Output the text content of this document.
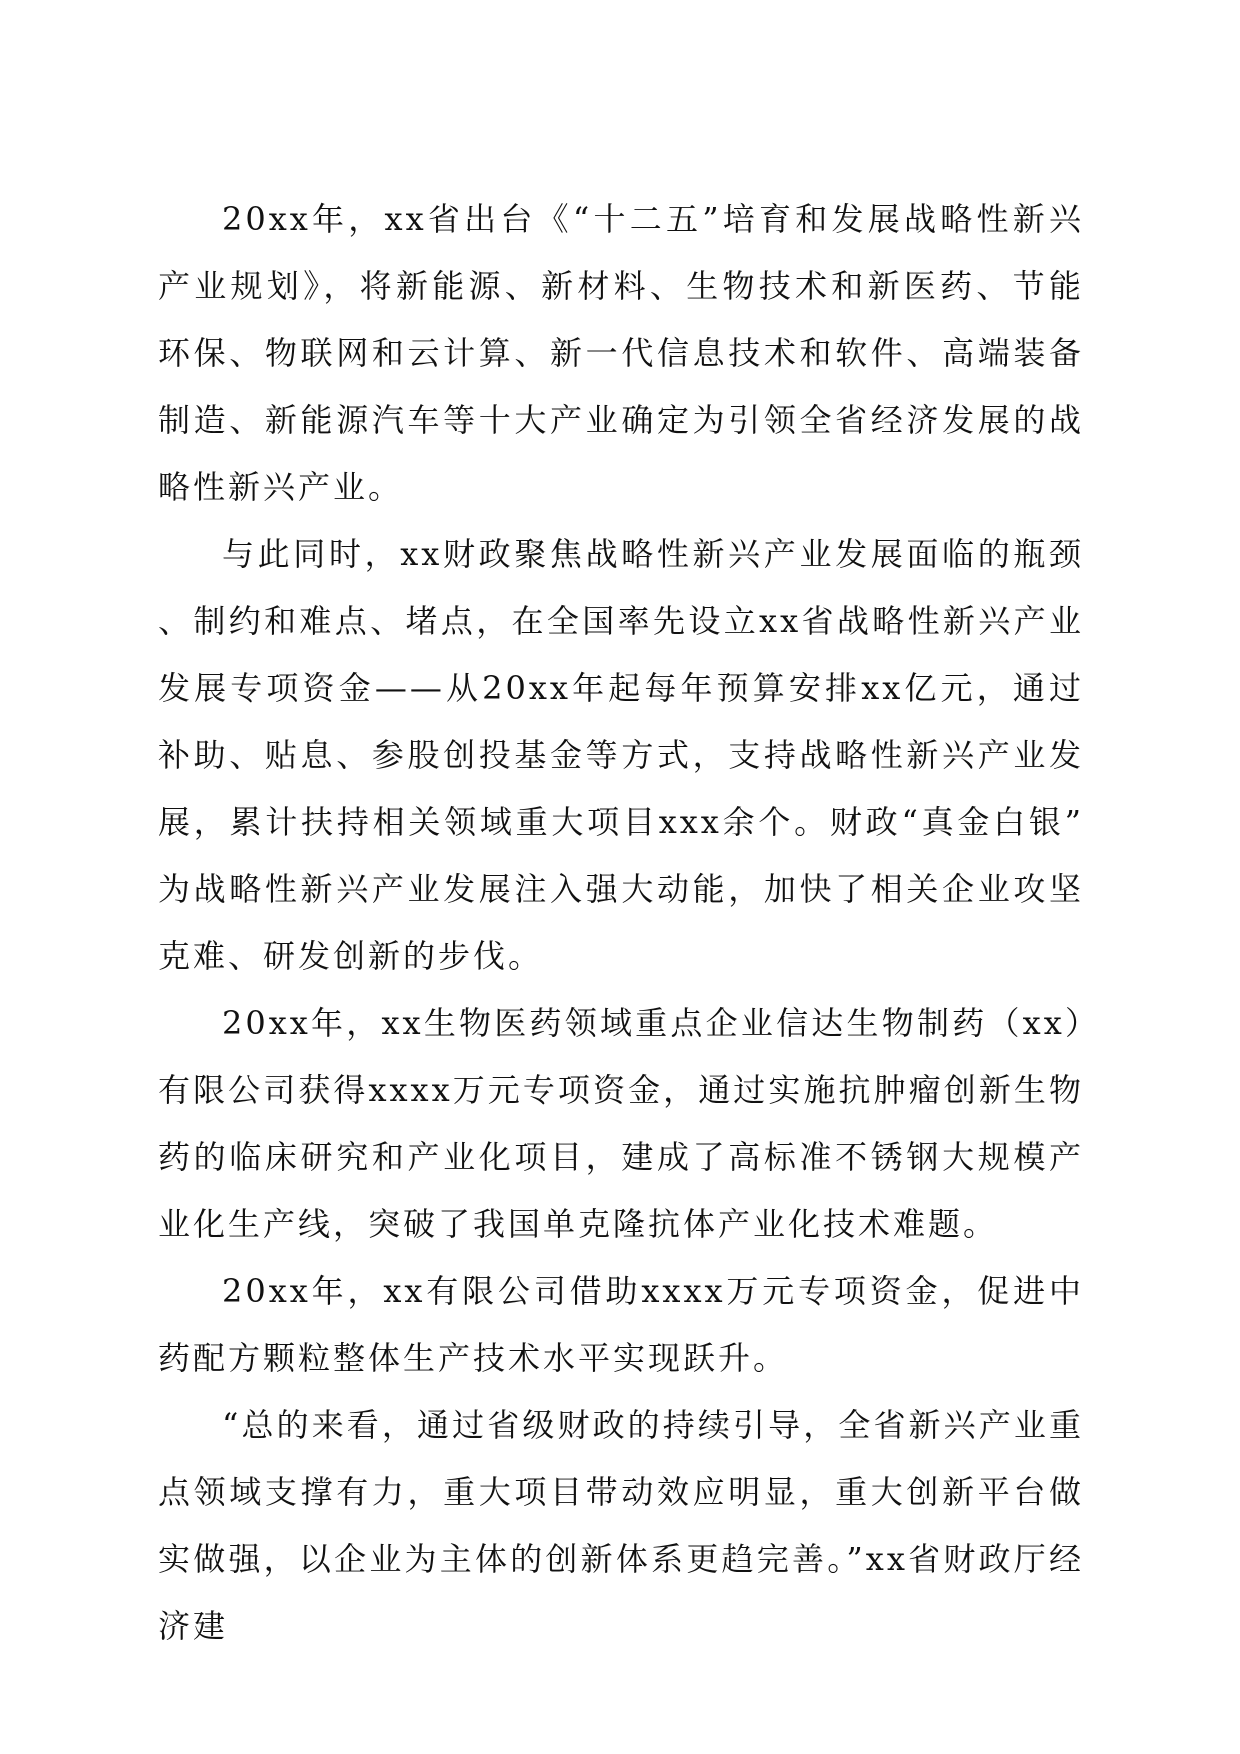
20xx年，xx省出台《“十二五”培育和发展战略性新兴产业规划》，将新能源、新材料、生物技术和新医药、节能环保、物联网和云计算、新一代信息技术和软件、高端装备制造、新能源汽车等十大产业确定为引领全省经济发展的战略性新兴产业。

与此同时，xx财政聚焦战略性新兴产业发展面临的瓶颈、制约和难点、堵点，在全国率先设立xx省战略性新兴产业发展专项资金——从20xx年起每年预算安排xx亿元，通过补助、贴息、参股创投基金等方式，支持战略性新兴产业发展，累计扶持相关领域重大项目xxx余个。财政“真金白银”为战略性新兴产业发展注入强大动能，加快了相关企业攻坚克难、研发创新的步伐。

20xx年，xx生物医药领域重点企业信达生物制药（xx）有限公司获得xxxx万元专项资金，通过实施抗肿瘤创新生物药的临床研究和产业化项目，建成了高标准不锈钢大规模产业化生产线，突破了我国单克隆抗体产业化技术难题。

20xx年，xx有限公司借助xxxx万元专项资金，促进中药配方颗粒整体生产技术水平实现跃升。

“总的来看，通过省级财政的持续引导，全省新兴产业重点领域支撑有力，重大项目带动效应明显，重大创新平台做实做强，以企业为主体的创新体系更趋完善。”xx省财政厅经济建
